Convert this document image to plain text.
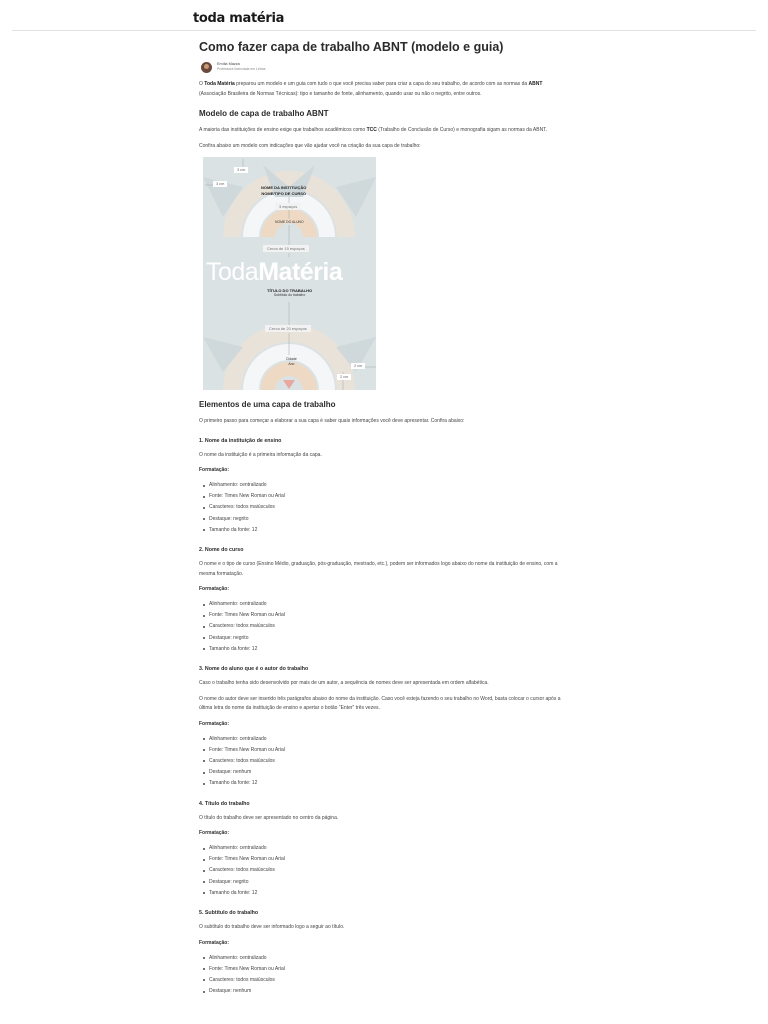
toda matéria
Como fazer capa de trabalho ABNT (modelo e guia)
Emília Mazza
Professora licenciada em Letras

O Toda Matéria preparou um modelo e um guia com tudo o que você precisa saber para criar a capa do seu trabalho, de acordo com as normas da ABNT (Associação Brasileira de Normas Técnicas): tipo e tamanho de fonte, alinhamento, quando usar ou não o negrito, entre outros.

Modelo de capa de trabalho ABNT

A maioria das instituições de ensino exige que trabalhos acadêmicos como TCC (Trabalho de Conclusão de Curso) e monografia sigam as normas da ABNT.

Confira abaixo um modelo com indicações que vão ajudar você na criação da sua capa de trabalho:

3 cm
3 cm
NOME DA INSTITUIÇÃO
NOME/TIPO DE CURSO
3 espaços
NOME DO ALUNO
Cerca de 15 espaços
TodaMatéria
TÍTULO DO TRABALHO
Subtítulo do trabalho
Cerca de 20 espaços
Cidade
Ano
2 cm
2 cm
Elementos de uma capa de trabalho

O primeiro passo para começar a elaborar a sua capa é saber quais informações você deve apresentar. Confira abaixo:

1. Nome da instituição de ensino

O nome da instituição é a primeira informação da capa.

Formatação:
Alinhamento: centralizado
Fonte: Times New Roman ou Arial
Caracteres: todos maiúsculos
Destaque: negrito
Tamanho da fonte: 12
2. Nome do curso

O nome e o tipo de curso (Ensino Médio, graduação, pós-graduação, mestrado, etc.), podem ser informados logo abaixo do nome da instituição de ensino, com a mesma formatação.

Formatação:
Alinhamento: centralizado
Fonte: Times New Roman ou Arial
Caracteres: todos maiúsculos
Destaque: negrito
Tamanho da fonte: 12
3. Nome do aluno que é o autor do trabalho

Caso o trabalho tenha sido desenvolvido por mais de um autor, a sequência de nomes deve ser apresentada em ordem alfabética.

O nome do autor deve ser inserido três parágrafos abaixo do nome da instituição. Caso você esteja fazendo o seu trabalho no Word, basta colocar o cursor após a última letra do nome da instituição de ensino e apertar o botão "Enter" três vezes.

Formatação:
Alinhamento: centralizado
Fonte: Times New Roman ou Arial
Caracteres: todos maiúsculos
Destaque: nenhum
Tamanho da fonte: 12
4. Título do trabalho

O título do trabalho deve ser apresentado no centro da página.

Formatação:
Alinhamento: centralizado
Fonte: Times New Roman ou Arial
Caracteres: todos maiúsculos
Destaque: negrito
Tamanho da fonte: 12
5. Subtítulo do trabalho

O subtítulo do trabalho deve ser informado logo a seguir ao título.

Formatação:
Alinhamento: centralizado
Fonte: Times New Roman ou Arial
Caracteres: todos maiúsculos
Destaque: nenhum
